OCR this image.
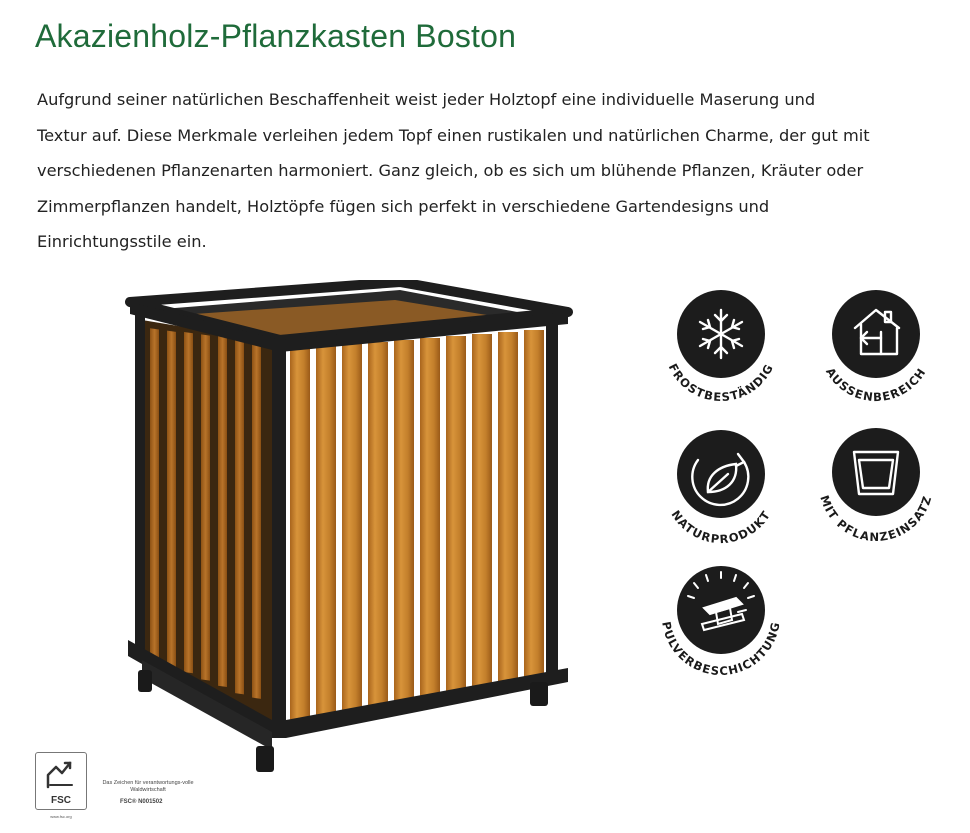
Akazienholz-Pflanzkasten Boston
Aufgrund seiner natürlichen Beschaffenheit weist jeder Holztopf eine individuelle Maserung und
Textur auf. Diese Merkmale verleihen jedem Topf einen rustikalen und natürlichen Charme, der gut mit
verschiedenen Pflanzenarten harmoniert. Ganz gleich, ob es sich um blühende Pflanzen, Kräuter oder
Zimmerpflanzen handelt, Holztöpfe fügen sich perfekt in verschiedene Gartendesigns und
Einrichtungsstile ein.
FROSTBESTÄNDIG	AUSSENBEREICH
NATURPRODUKT
MIT PFLANZEINSATZ
PULVERBESCHICHTUNG
FSC
www.fsc.org
Das Zeichen für verantwortungs-volle Waldwirtschaft
FSC® N001502
